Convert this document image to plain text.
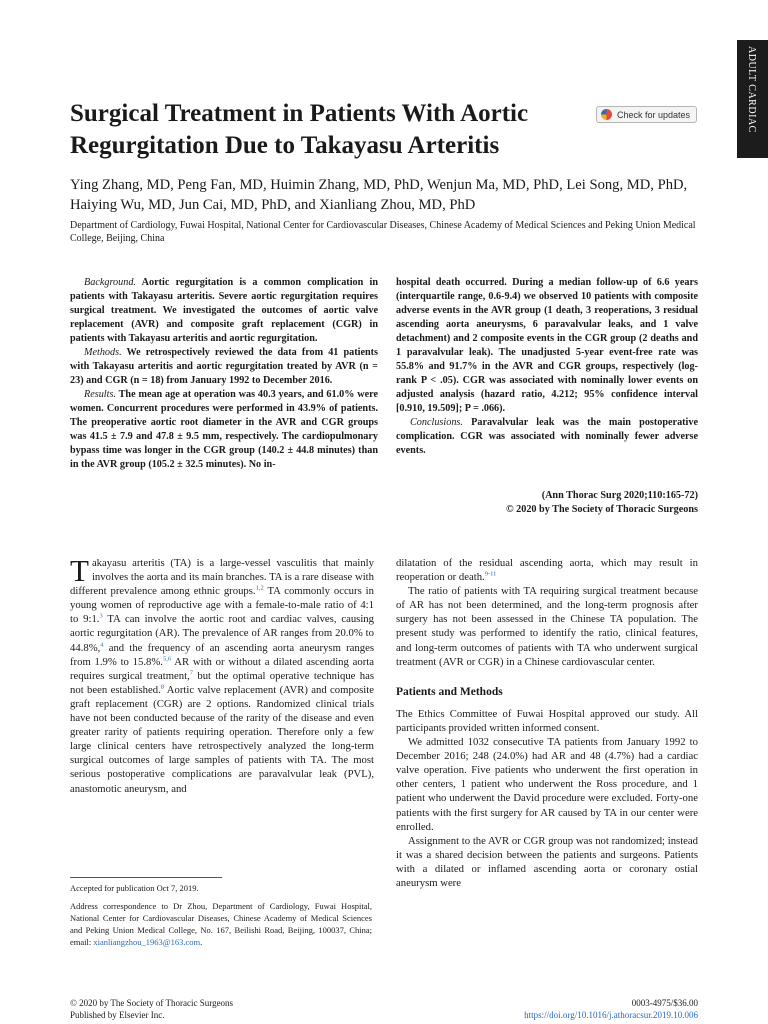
ADULT CARDIAC
Surgical Treatment in Patients With Aortic Regurgitation Due to Takayasu Arteritis
Check for updates

Ying Zhang, MD, Peng Fan, MD, Huimin Zhang, MD, PhD, Wenjun Ma, MD, PhD, Lei Song, MD, PhD, Haiying Wu, MD, Jun Cai, MD, PhD, and Xianliang Zhou, MD, PhD

Department of Cardiology, Fuwai Hospital, National Center for Cardiovascular Diseases, Chinese Academy of Medical Sciences and Peking Union Medical College, Beijing, China

Background. Aortic regurgitation is a common complication in patients with Takayasu arteritis. Severe aortic regurgitation requires surgical treatment. We investigated the outcomes of aortic valve replacement (AVR) and composite graft replacement (CGR) in patients with Takayasu arteritis and aortic regurgitation.

Methods. We retrospectively reviewed the data from 41 patients with Takayasu arteritis and aortic regurgitation treated by AVR (n = 23) and CGR (n = 18) from January 1992 to December 2016.

Results. The mean age at operation was 40.3 years, and 61.0% were women. Concurrent procedures were performed in 43.9% of patients. The preoperative aortic root diameter in the AVR and CGR groups was 41.5 ± 7.9 and 47.8 ± 9.5 mm, respectively. The cardiopulmonary bypass time was longer in the CGR group (140.2 ± 44.8 minutes) than in the AVR group (105.2 ± 32.5 minutes). No in-

hospital death occurred. During a median follow-up of 6.6 years (interquartile range, 0.6-9.4) we observed 10 patients with composite adverse events in the AVR group (1 death, 3 reoperations, 3 residual ascending aorta aneurysms, 6 paravalvular leaks, and 1 valve detachment) and 2 composite events in the CGR group (2 deaths and 1 paravalvular leak). The unadjusted 5-year event-free rate was 55.8% and 91.7% in the AVR and CGR groups, respectively (log-rank P < .05). CGR was associated with nominally lower events on adjusted analysis (hazard ratio, 4.212; 95% confidence interval [0.910, 19.509]; P = .066).

Conclusions. Paravalvular leak was the main postoperative complication. CGR was associated with nominally fewer adverse events.

(Ann Thorac Surg 2020;110:165-72)
© 2020 by The Society of Thoracic Surgeons

Takayasu arteritis (TA) is a large-vessel vasculitis that mainly involves the aorta and its main branches. TA is a rare disease with different prevalence among ethnic groups.$^{1,2}$ TA commonly occurs in young women of reproductive age with a female-to-male ratio of 4:1 to 9:1.$^3$ TA can involve the aortic root and cardiac valves, causing aortic regurgitation (AR). The prevalence of AR ranges from 20.0% to 44.8%,$^4$ and the frequency of an ascending aorta aneurysm ranges from 1.9% to 15.8%.$^{5,6}$ AR with or without a dilated ascending aorta requires surgical treatment,$^7$ but the optimal operative technique has not been established.$^8$ Aortic valve replacement (AVR) and composite graft replacement (CGR) are 2 options. Randomized clinical trials have not been conducted because of the rarity of the disease and even greater rarity of patients requiring operation. Therefore only a few large clinical centers have retrospectively analyzed the long-term surgical outcomes of large samples of patients with TA. The most serious postoperative complications are paravalvular leak (PVL), anastomotic aneurysm, and

dilatation of the residual ascending aorta, which may result in reoperation or death.$^{9-11}$

The ratio of patients with TA requiring surgical treatment because of AR has not been determined, and the long-term prognosis after surgery has not been assessed in the Chinese TA population. The present study was performed to identify the ratio, clinical features, and long-term outcomes of patients with TA who underwent surgical treatment (AVR or CGR) in a Chinese cardiovascular center.

Patients and Methods

The Ethics Committee of Fuwai Hospital approved our study. All participants provided written informed consent.

We admitted 1032 consecutive TA patients from January 1992 to December 2016; 248 (24.0%) had AR and 48 (4.7%) had a cardiac valve operation. Five patients who underwent the first operation in other centers, 1 patient who underwent the Ross procedure, and 1 patient who underwent the David procedure were excluded. Forty-one patients with the first surgery for AR caused by TA in our center were enrolled.

Assignment to the AVR or CGR group was not randomized; instead it was a shared decision between the patients and surgeons. Patients with a dilated or inflamed ascending aorta or coronary ostial aneurysm were

Accepted for publication Oct 7, 2019.

Address correspondence to Dr Zhou, Department of Cardiology, Fuwai Hospital, National Center for Cardiovascular Diseases, Chinese Academy of Medical Sciences and Peking Union Medical College, No. 167, Beilishi Road, Beijing, 100037, China; email: xianliangzhou_1963@163.com.

© 2020 by The Society of Thoracic Surgeons
Published by Elsevier Inc.
0003-4975/$36.00
https://doi.org/10.1016/j.athoracsur.2019.10.006
